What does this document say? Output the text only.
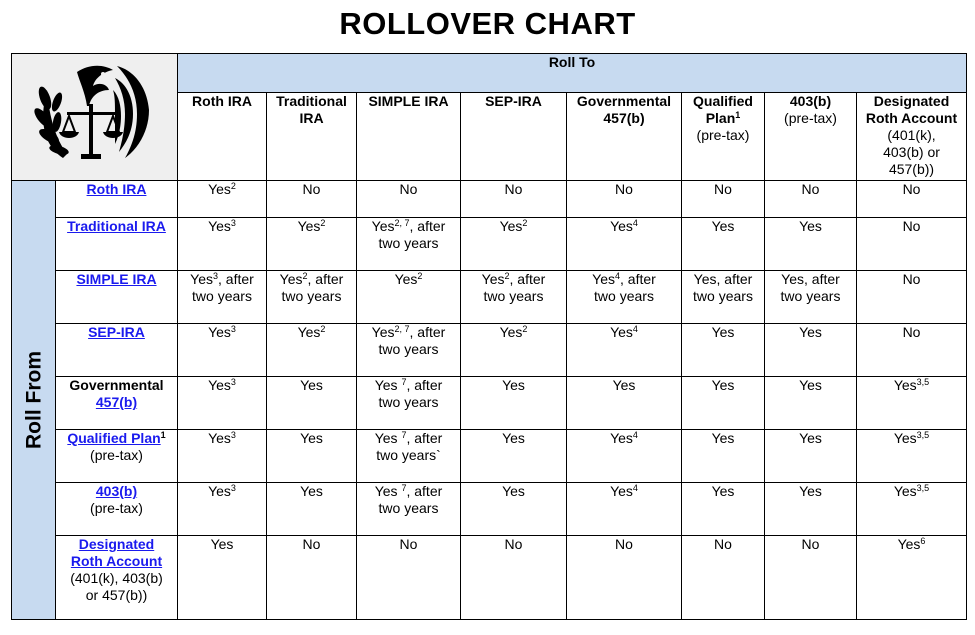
ROLLOVER CHART
	Roll To							
		Roth IRA	Traditional
IRA	SIMPLE IRA	SEP-IRA	Governmental
457(b)	Qualified
Plan$^1$
(pre-tax)	403(b)
(pre-tax)	Designated
Roth Account
(401(k),
403(b) or
457(b))

Roll From	Roth IRA	Yes$^2$	No	No	No	No	No	No	No
	Traditional IRA	Yes$^3$	Yes$^2$	Yes$^{2, 7}$, after
two years	Yes$^2$	Yes$^4$	Yes	Yes	No
	SIMPLE IRA	Yes$^3$, after
two years	Yes$^2$, after
two years	Yes$^2$	Yes$^2$, after
two years	Yes$^4$, after
two years	Yes, after
two years	Yes, after
two years	No
	SEP-IRA	Yes$^3$	Yes$^2$	Yes$^{2, 7}$, after
two years	Yes$^2$	Yes$^4$	Yes	Yes	No
	Governmental
457(b)	Yes$^3$	Yes	Yes $^7$, after
two years	Yes	Yes	Yes	Yes	Yes$^{3,5}$
	Qualified Plan$^1$
(pre-tax)	Yes$^3$	Yes	Yes $^7$, after
two years`	Yes	Yes$^4$	Yes	Yes	Yes$^{3,5}$
	403(b)
(pre-tax)	Yes$^3$	Yes	Yes $^7$, after
two years	Yes	Yes$^4$	Yes	Yes	Yes$^{3,5}$
	Designated
Roth Account
(401(k), 403(b)
or 457(b))	Yes	No	No	No	No	No	No	Yes$^6$
